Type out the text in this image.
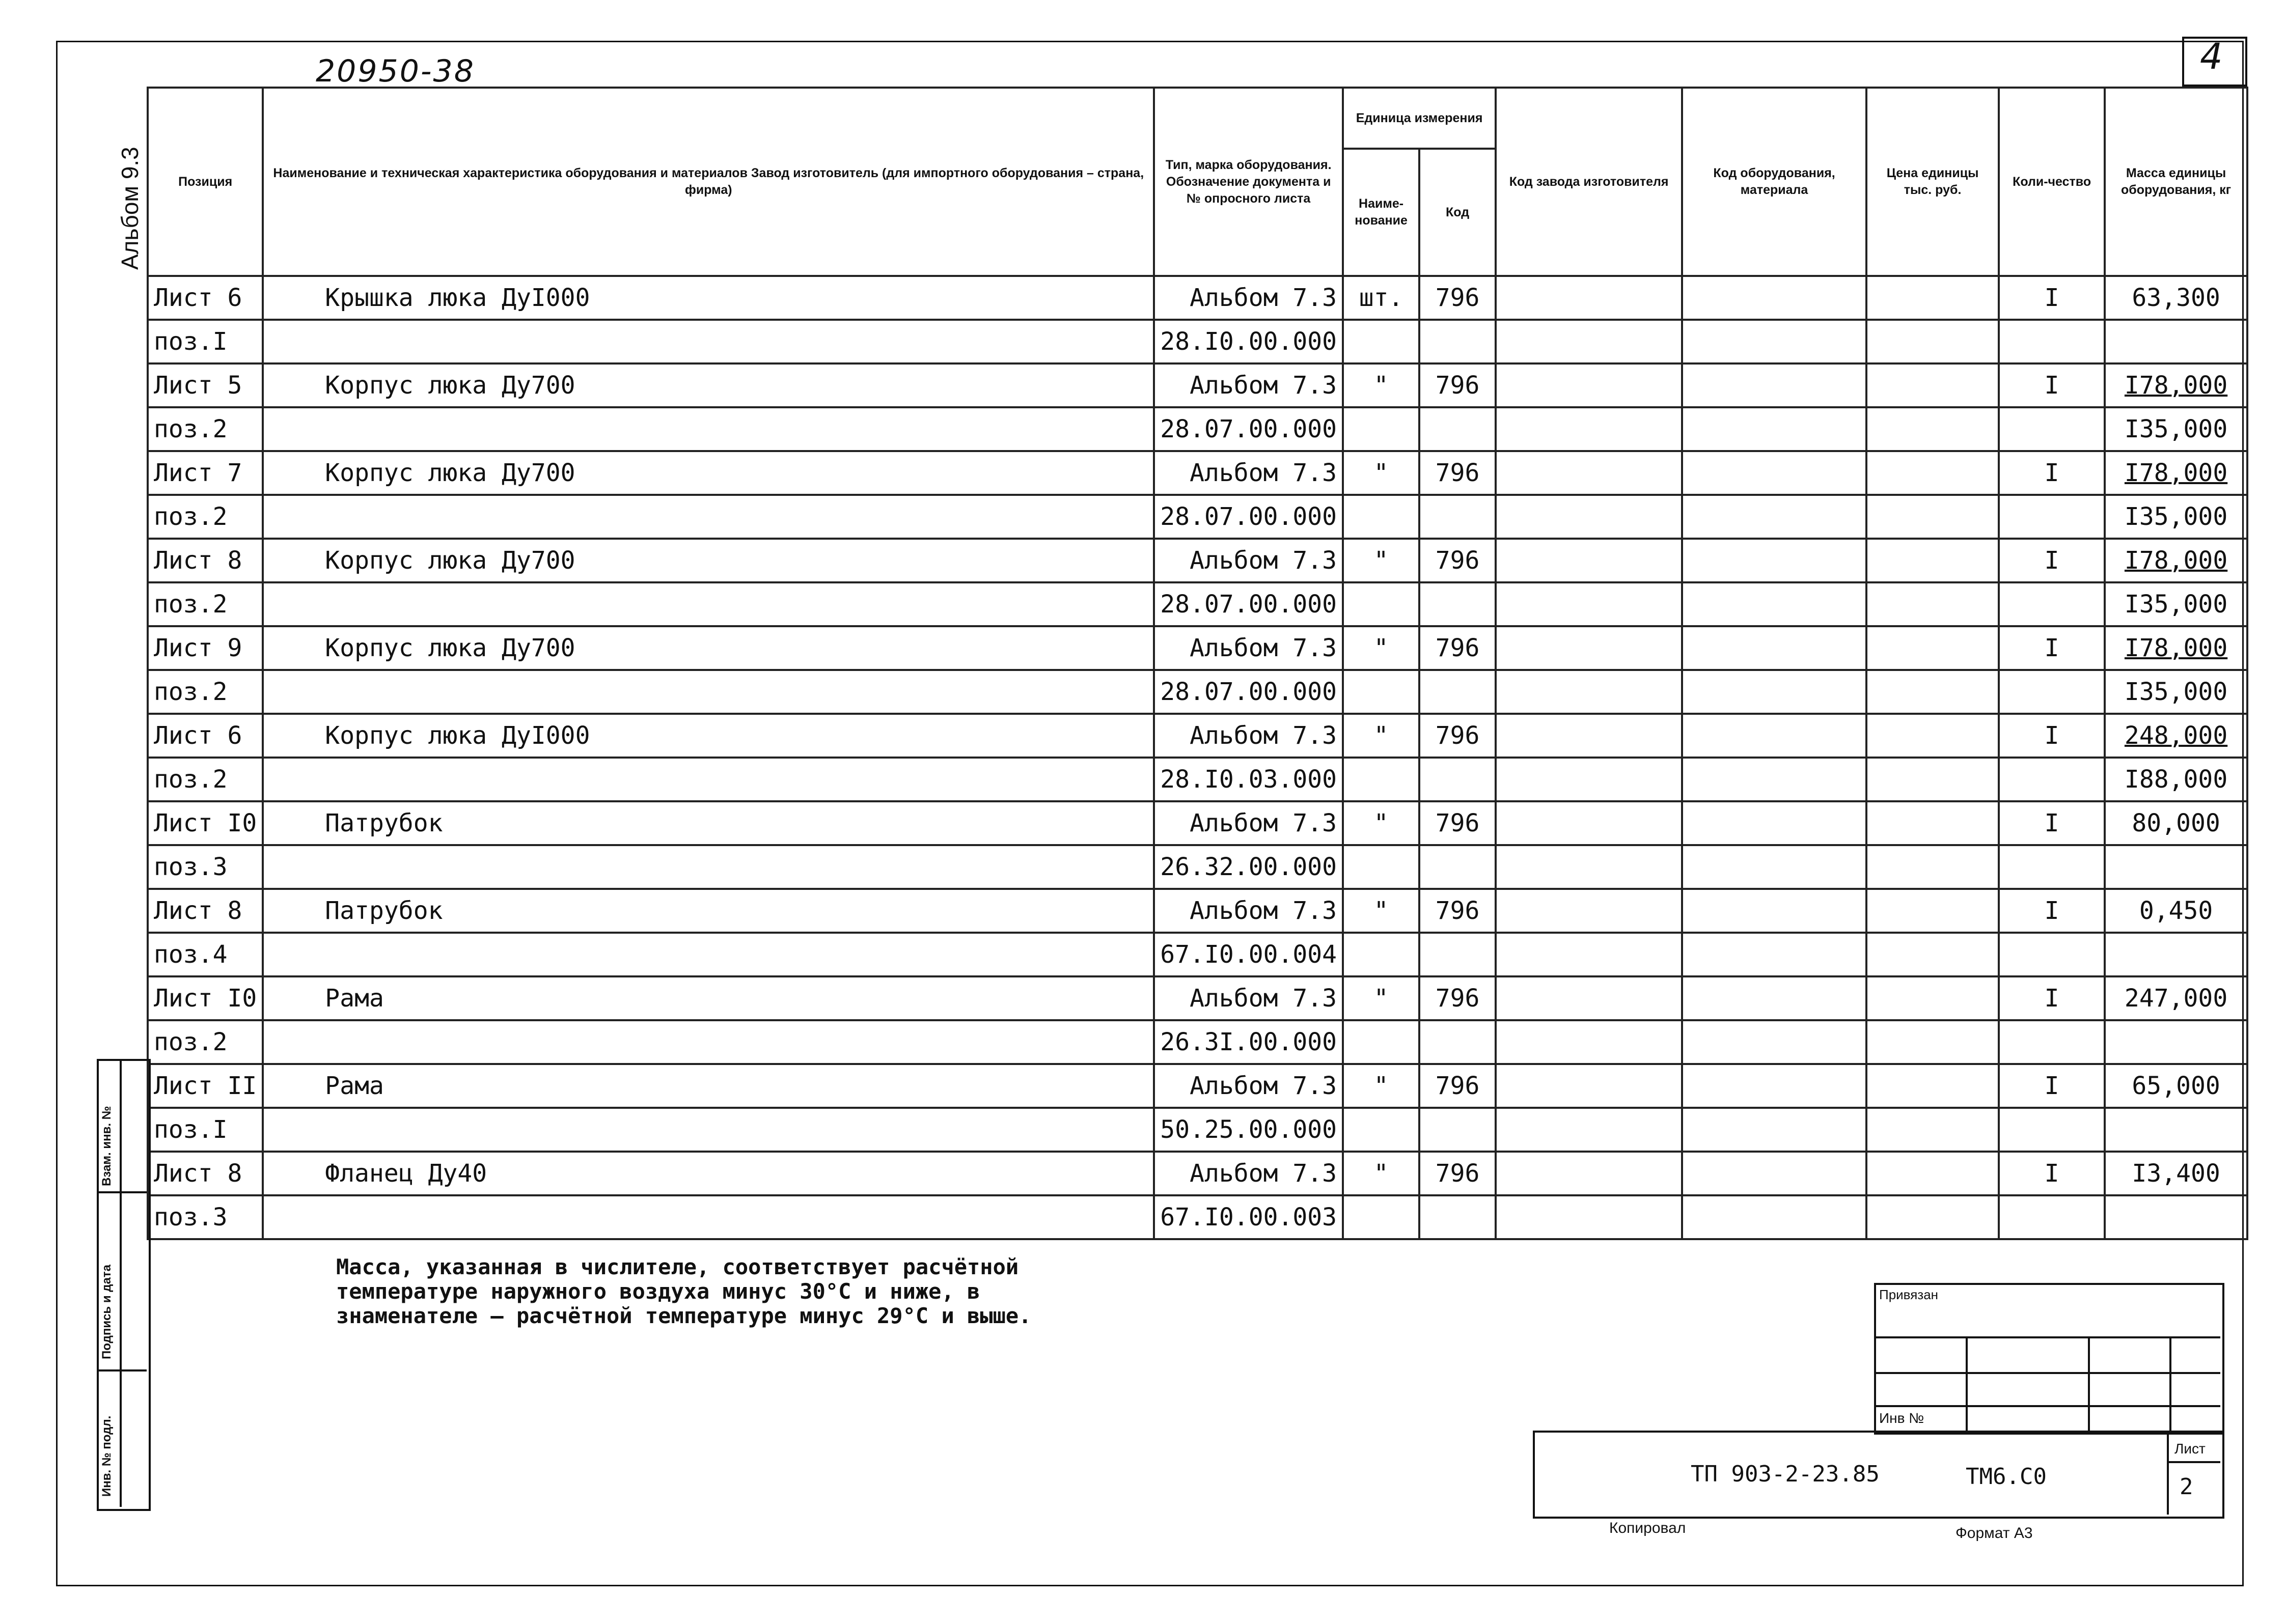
20950-38	4
Альбом 9.3	Позиция	Наименование и техническая характеристика оборудования и материалов Завод изготовитель (для импортного оборудования – страна, фирма)	Тип, марка оборудования. Обозначение документа и № опросного листа	Единица измерения		Код завода изготовителя	Код оборудования, материала	Цена единицы тыс. руб.	Коли-чество	Масса единицы оборудования, кг
			Наиме-нование	Код					
Лист 6	Крышка люка ДуI000	Альбом 7.3	шт.	796				I	63,300
поз.I		28.I0.00.000							
Лист 5	Корпус люка Ду700	Альбом 7.3	"	796				I	I78,000
поз.2		28.07.00.000							I35,000
Лист 7	Корпус люка Ду700	Альбом 7.3	"	796				I	I78,000
поз.2		28.07.00.000							I35,000
Лист 8	Корпус люка Ду700	Альбом 7.3	"	796				I	I78,000
поз.2		28.07.00.000							I35,000
Лист 9	Корпус люка Ду700	Альбом 7.3	"	796				I	I78,000
поз.2		28.07.00.000							I35,000
Лист 6	Корпус люка ДуI000	Альбом 7.3	"	796				I	248,000
поз.2		28.I0.03.000							I88,000
Лист I0	Патрубок	Альбом 7.3	"	796				I	80,000
поз.3		26.32.00.000							
Лист 8	Патрубок	Альбом 7.3	"	796				I	0,450
поз.4		67.I0.00.004							
Лист I0	Рама	Альбом 7.3	"	796				I	247,000
поз.2		26.3I.00.000							
Лист II	Рама	Альбом 7.3	"	796				I	65,000
поз.I		50.25.00.000							
Лист 8	Фланец Ду40	Альбом 7.3	"	796				I	I3,400
поз.3		67.I0.00.003							
Масса, указанная в числителе, соответствует расчётной
температуре наружного воздуха минус 30°С и ниже, в
знаменателе – расчётной температуре минус 29°С и выше.
Взам. инв. №
Подпись и дата
Инв. № подл.
Привязан
Инв №
Лист
2
ТП 903-2-23.85	ТМ6.С0
Копировал	Формат А3
